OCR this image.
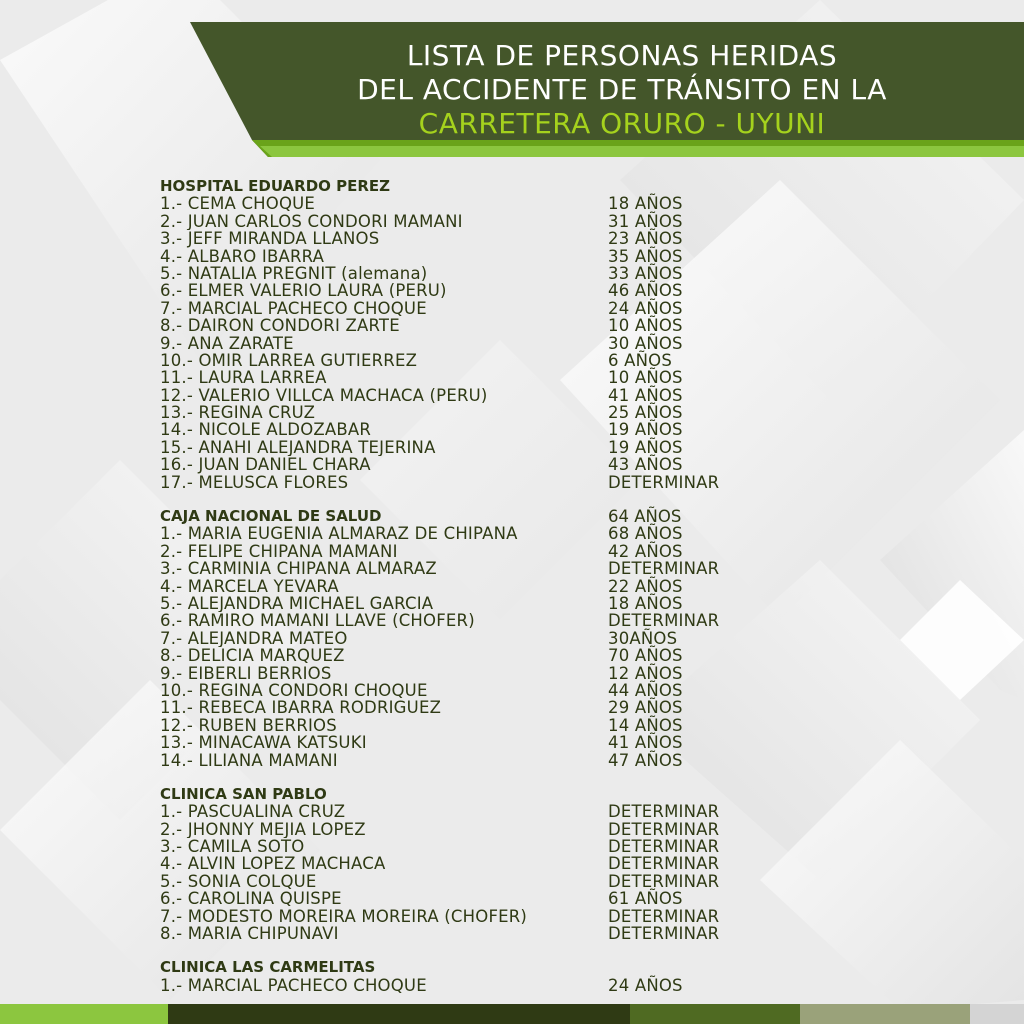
LISTA DE PERSONAS HERIDAS
DEL ACCIDENTE DE TRÁNSITO EN LA
CARRETERA ORURO - UYUNI
HOSPITAL EDUARDO PEREZ
1.- CEMA CHOQUE	18 AÑOS
2.- JUAN CARLOS CONDORI MAMANI	31 AÑOS
3.- JEFF MIRANDA LLANOS	23 AÑOS
4.- ALBARO IBARRA	35 AÑOS
5.- NATALIA PREGNIT (alemana)	33 AÑOS
6.- ELMER VALERIO LAURA (PERU)	46 AÑOS
7.- MARCIAL PACHECO CHOQUE	24 AÑOS
8.- DAIRON CONDORI ZARTE	10 AÑOS
9.- ANA ZARATE	30 AÑOS
10.- OMIR LARREA GUTIERREZ	6 AÑOS
11.- LAURA LARREA	10 AÑOS
12.- VALERIO VILLCA MACHACA (PERU)	41 AÑOS
13.- REGINA CRUZ	25 AÑOS
14.- NICOLE ALDOZABAR	19 AÑOS
15.- ANAHI ALEJANDRA TEJERINA	19 AÑOS
16.- JUAN DANIEL CHARA	43 AÑOS
17.- MELUSCA FLORES	DETERMINAR
CAJA NACIONAL DE SALUD	64 AÑOS
1.- MARIA EUGENIA ALMARAZ DE CHIPANA	68 AÑOS
2.- FELIPE CHIPANA MAMANI	42 AÑOS
3.- CARMINIA CHIPANA ALMARAZ	DETERMINAR
4.- MARCELA YEVARA	22 AÑOS
5.- ALEJANDRA MICHAEL GARCIA	18 AÑOS
6.- RAMIRO MAMANI LLAVE (CHOFER)	DETERMINAR
7.- ALEJANDRA MATEO	30AÑOS
8.- DELICIA MARQUEZ	70 AÑOS
9.- EIBERLI BERRIOS	12 AÑOS
10.- REGINA CONDORI CHOQUE	44 AÑOS
11.- REBECA IBARRA RODRIGUEZ	29 AÑOS
12.- RUBEN BERRIOS	14 AÑOS
13.- MINACAWA KATSUKI	41 AÑOS
14.- LILIANA MAMANI	47 AÑOS
CLINICA SAN PABLO
1.- PASCUALINA CRUZ	DETERMINAR
2.- JHONNY MEJIA LOPEZ	DETERMINAR
3.- CAMILA SOTO	DETERMINAR
4.- ALVIN LOPEZ MACHACA	DETERMINAR
5.- SONIA COLQUE	DETERMINAR
6.- CAROLINA QUISPE	61 AÑOS
7.- MODESTO MOREIRA MOREIRA (CHOFER)	DETERMINAR
8.- MARIA CHIPUNAVI	DETERMINAR
CLINICA LAS CARMELITAS
1.- MARCIAL PACHECO CHOQUE	24 AÑOS
